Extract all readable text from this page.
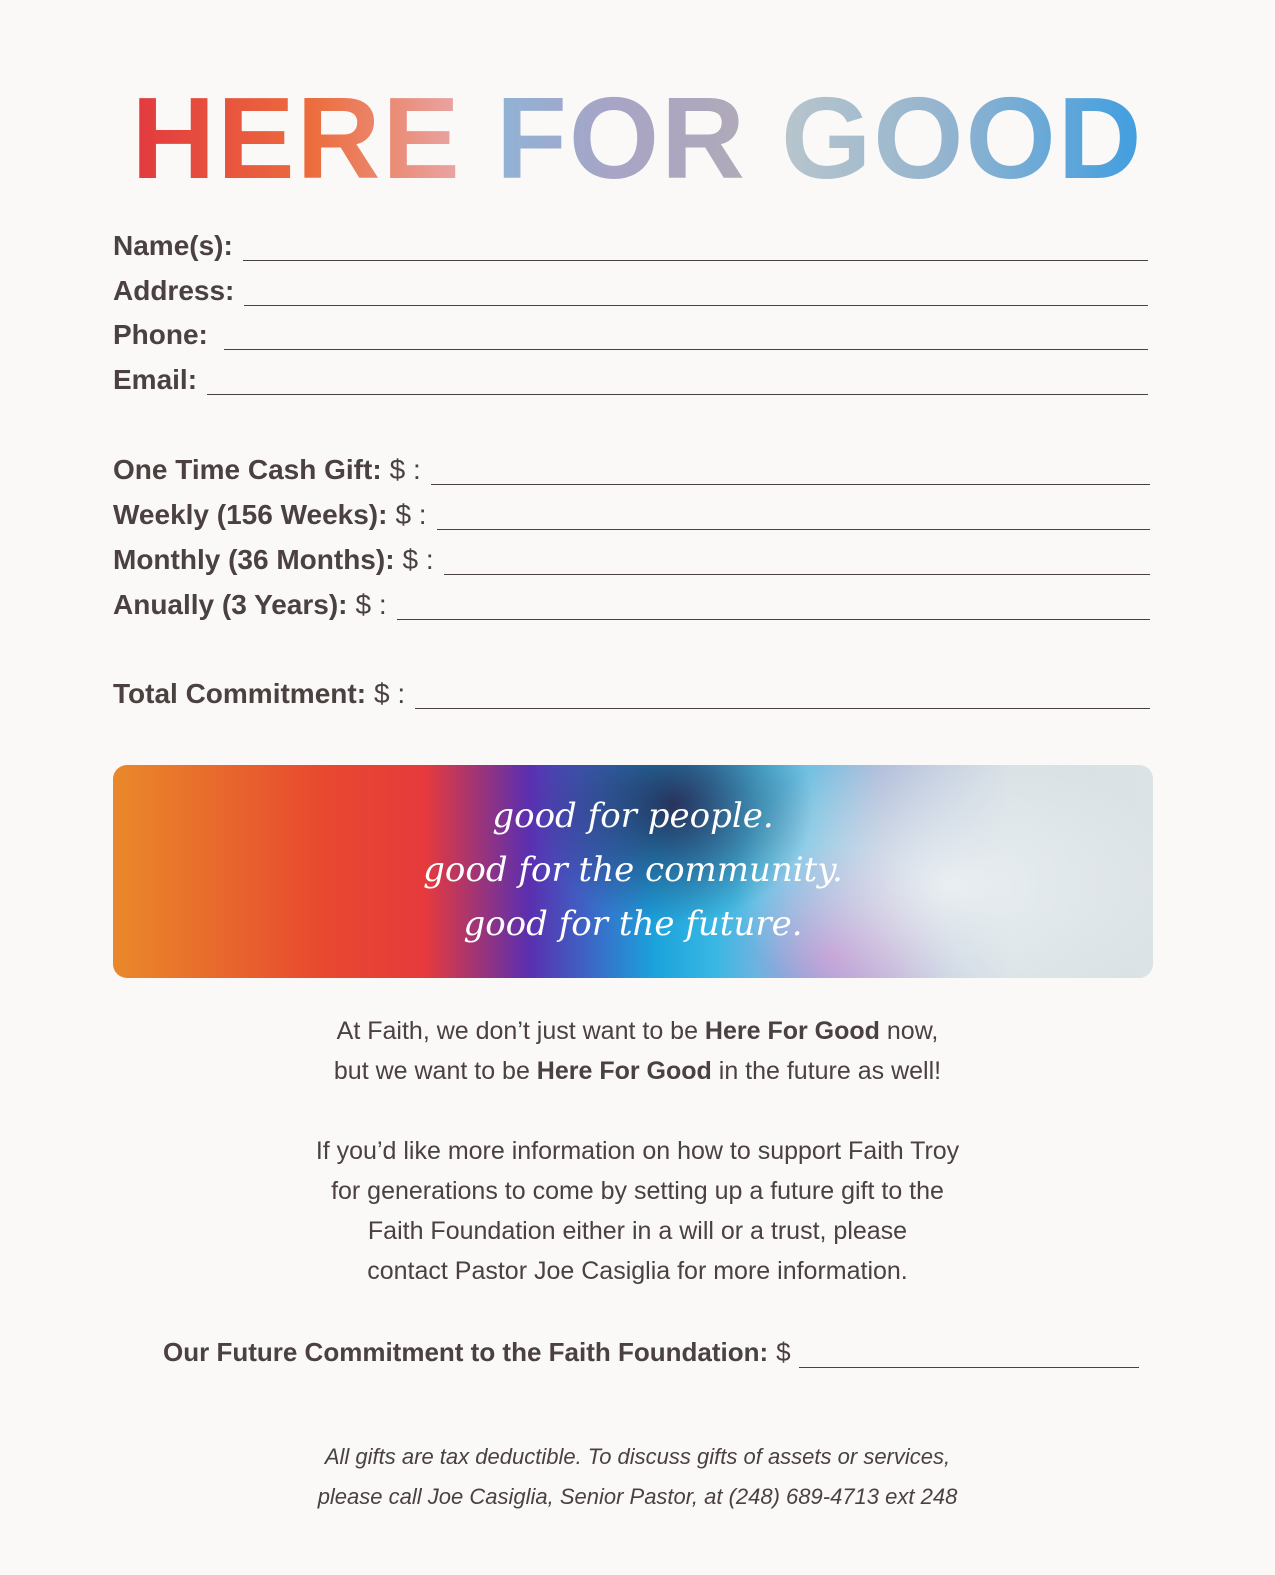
HERE FOR GOOD
Name(s):
Address:
Phone:
Email:
One Time Cash Gift: $ :
Weekly (156 Weeks): $ :
Monthly (36 Months): $ :
Anually (3 Years): $ :
Total Commitment: $ :
good for people.
good for the community.
good for the future.
At Faith, we don’t just want to be Here For Good now,
but we want to be Here For Good in the future as well!
If you’d like more information on how to support Faith Troy
for generations to come by setting up a future gift to the
Faith Foundation either in a will or a trust, please
contact Pastor Joe Casiglia for more information.
Our Future Commitment to the Faith Foundation: $
All gifts are tax deductible. To discuss gifts of assets or services,
please call Joe Casiglia, Senior Pastor, at (248) 689-4713 ext 248
